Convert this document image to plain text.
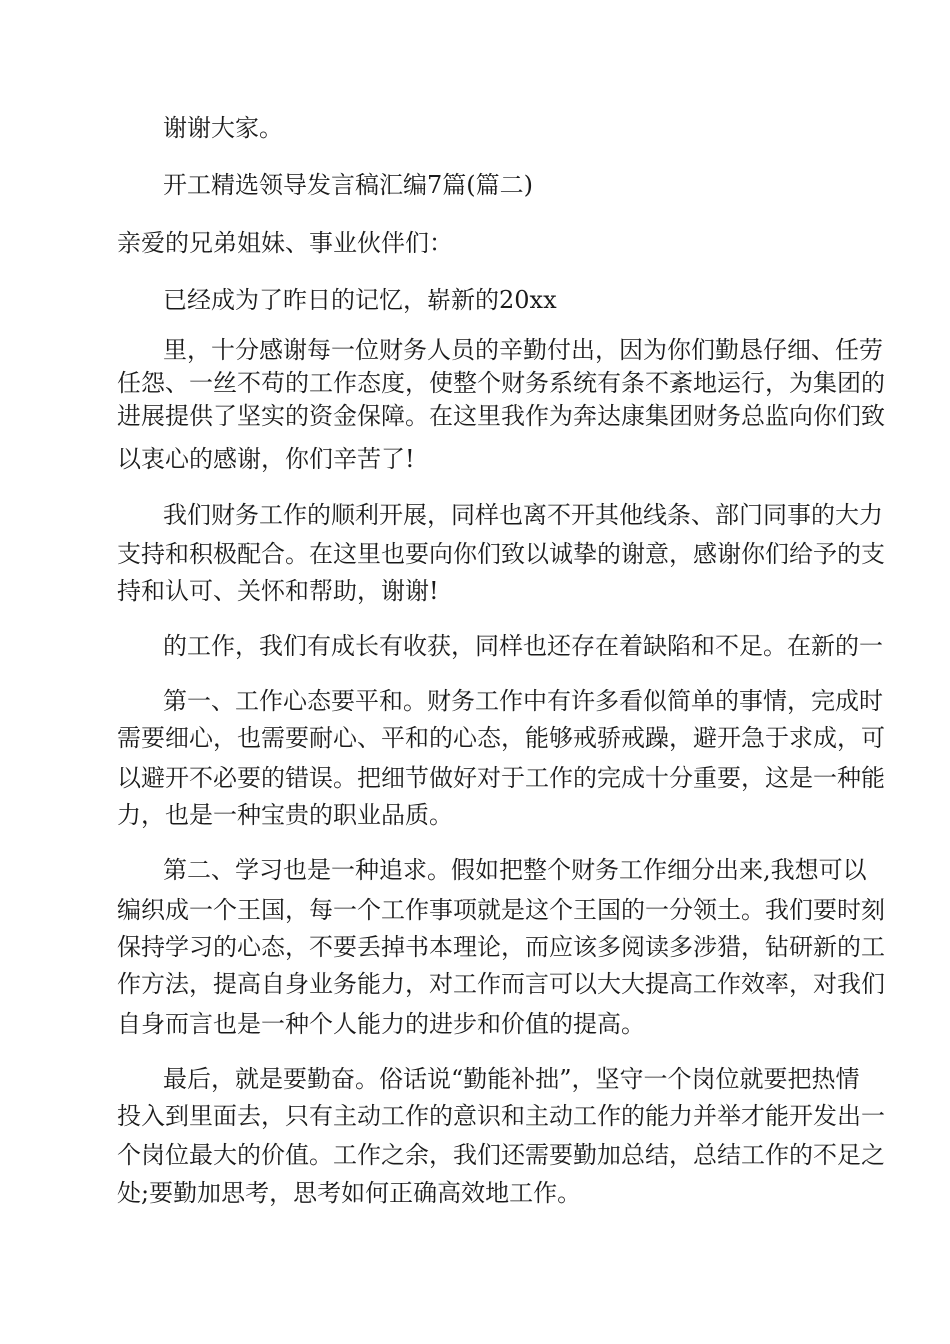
谢谢大家。

开工精选领导发言稿汇编7篇(篇二)

亲爱的兄弟姐妹、事业伙伴们：

已经成为了昨日的记忆，崭新的20xx

里，十分感谢每一位财务人员的辛勤付出，因为你们勤恳仔细、任劳

任怨、一丝不苟的工作态度，使整个财务系统有条不紊地运行，为集团的

进展提供了坚实的资金保障。在这里我作为奔达康集团财务总监向你们致

以衷心的感谢，你们辛苦了!

我们财务工作的顺利开展，同样也离不开其他线条、部门同事的大力

支持和积极配合。在这里也要向你们致以诚挚的谢意，感谢你们给予的支

持和认可、关怀和帮助，谢谢!

的工作，我们有成长有收获，同样也还存在着缺陷和不足。在新的一

第一、工作心态要平和。财务工作中有许多看似简单的事情，完成时

需要细心，也需要耐心、平和的心态，能够戒骄戒躁，避开急于求成，可

以避开不必要的错误。把细节做好对于工作的完成十分重要，这是一种能

力，也是一种宝贵的职业品质。

第二、学习也是一种追求。假如把整个财务工作细分出来,我想可以

编织成一个王国，每一个工作事项就是这个王国的一分领土。我们要时刻

保持学习的心态，不要丢掉书本理论，而应该多阅读多涉猎，钻研新的工

作方法，提高自身业务能力，对工作而言可以大大提高工作效率，对我们

自身而言也是一种个人能力的进步和价值的提高。

最后，就是要勤奋。俗话说“勤能补拙”，坚守一个岗位就要把热情

投入到里面去，只有主动工作的意识和主动工作的能力并举才能开发出一

个岗位最大的价值。工作之余，我们还需要勤加总结，总结工作的不足之

处;要勤加思考，思考如何正确高效地工作。
